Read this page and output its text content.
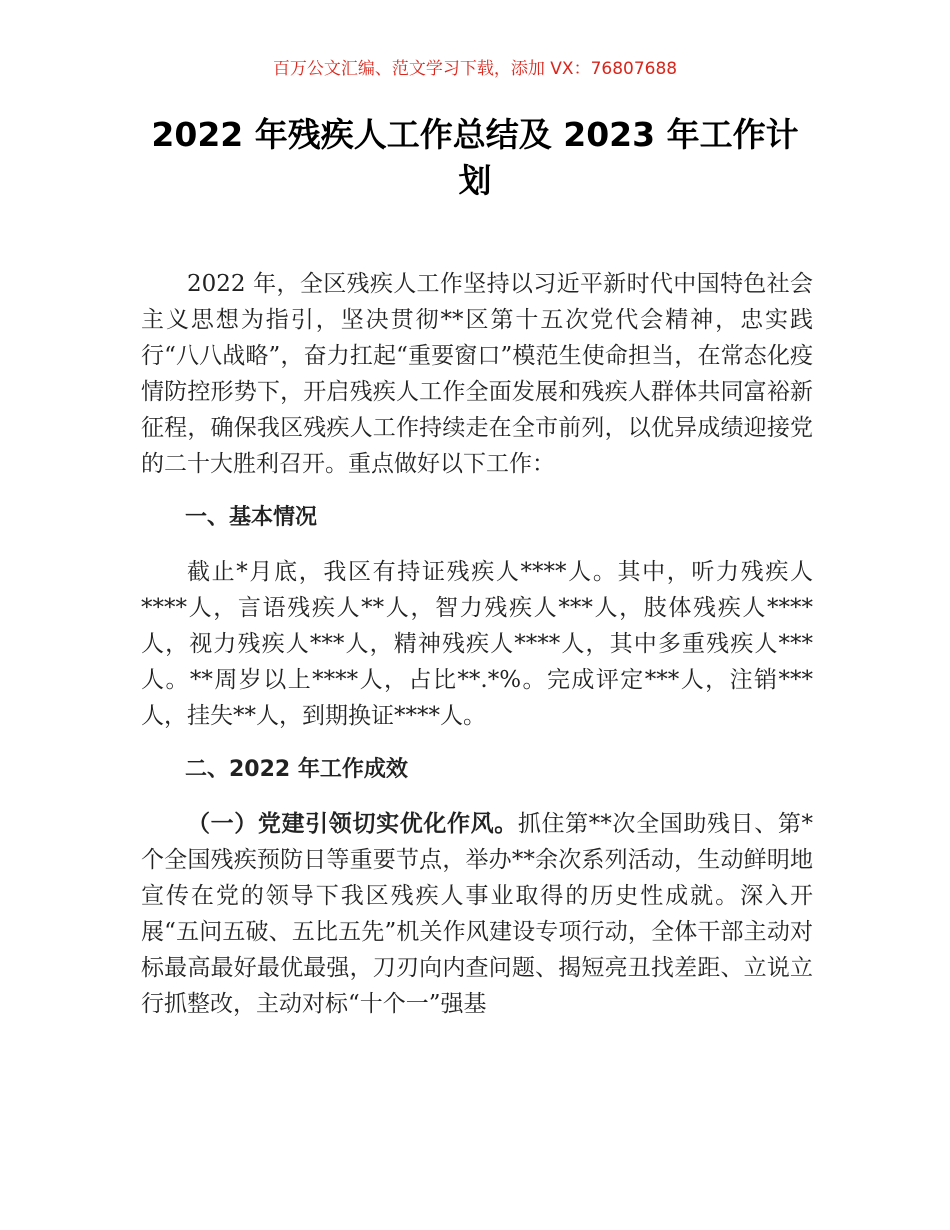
百万公文汇编、范文学习下载，添加 VX：76807688
2022 年残疾人工作总结及 2023 年工作计划

2022 年，全区残疾人工作坚持以习近平新时代中国特色社会主义思想为指引，坚决贯彻**区第十五次党代会精神，忠实践行“八八战略”，奋力扛起“重要窗口”模范生使命担当，在常态化疫情防控形势下，开启残疾人工作全面发展和残疾人群体共同富裕新征程，确保我区残疾人工作持续走在全市前列，以优异成绩迎接党的二十大胜利召开。重点做好以下工作：

一、基本情况

截止*月底，我区有持证残疾人****人。其中，听力残疾人****人，言语残疾人**人，智力残疾人***人，肢体残疾人****人，视力残疾人***人，精神残疾人****人，其中多重残疾人***人。**周岁以上****人，占比**.*%。完成评定***人，注销***人，挂失**人，到期换证****人。

二、2022 年工作成效

（一）党建引领切实优化作风。抓住第**次全国助残日、第*个全国残疾预防日等重要节点，举办**余次系列活动，生动鲜明地宣传在党的领导下我区残疾人事业取得的历史性成就。深入开展“五问五破、五比五先”机关作风建设专项行动，全体干部主动对标最高最好最优最强，刀刃向内查问题、揭短亮丑找差距、立说立行抓整改，主动对标“十个一”强基
